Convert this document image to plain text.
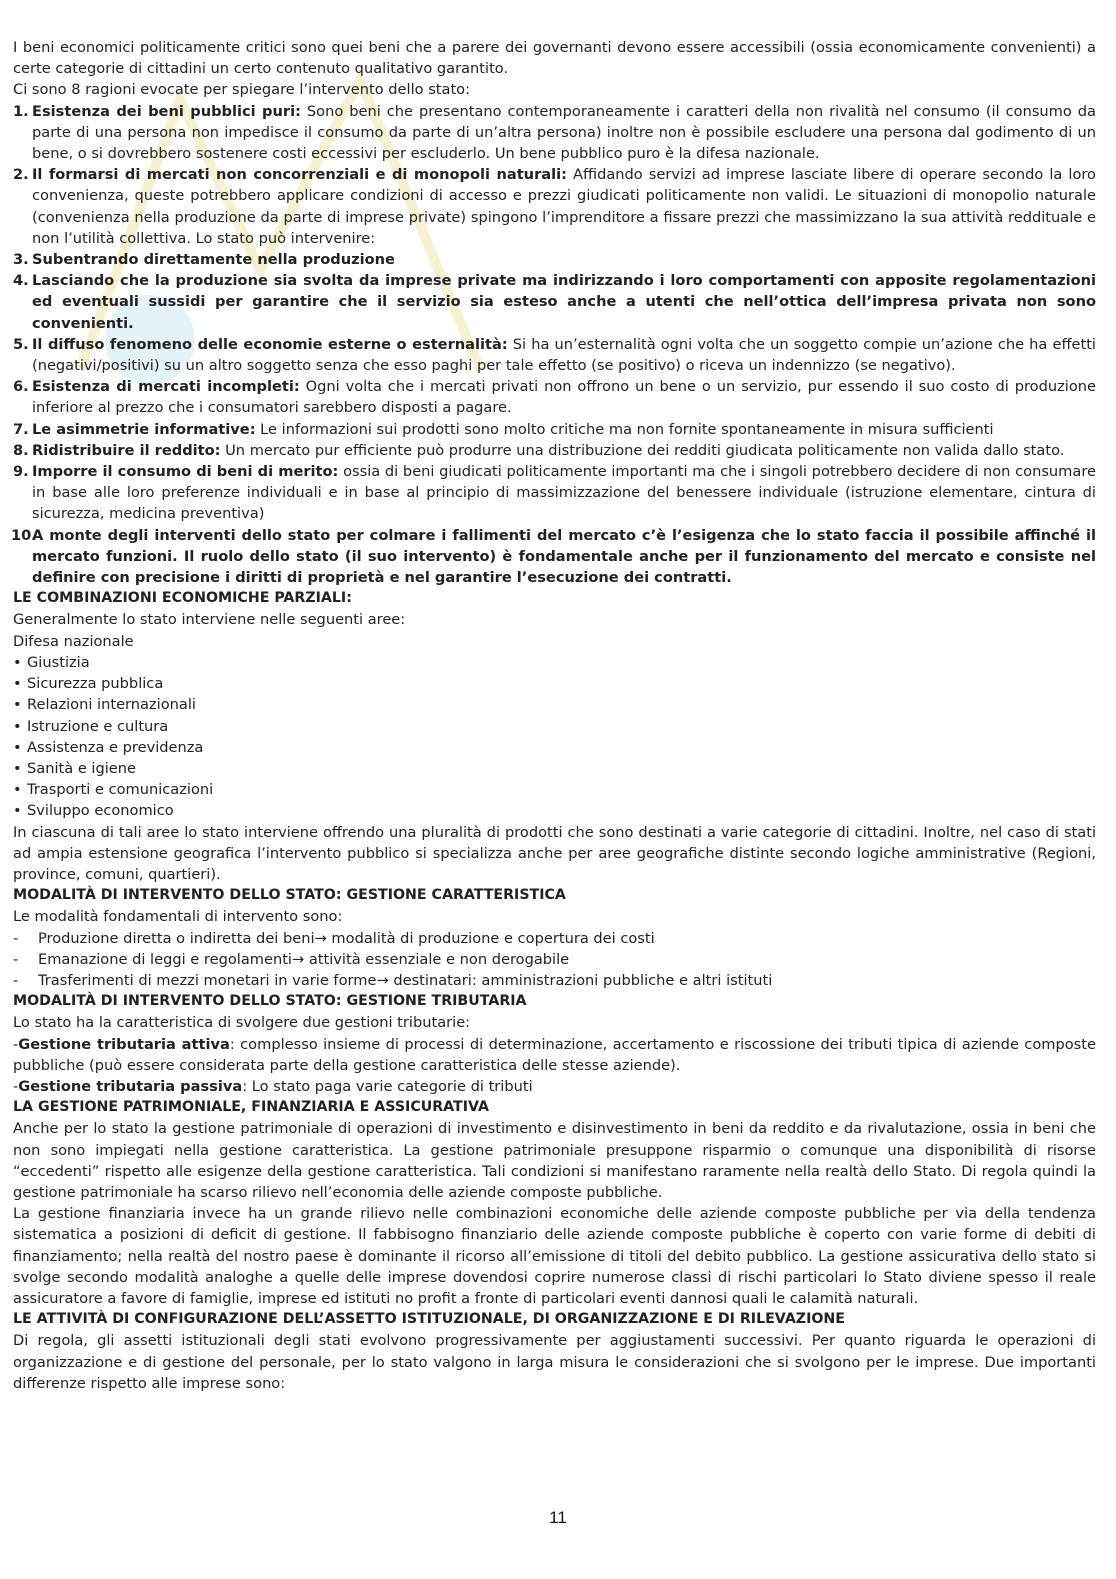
I beni economici politicamente critici sono quei beni che a parere dei governanti devono essere accessibili (ossia economicamente convenienti) a certe categorie di cittadini un certo contenuto qualitativo garantito.

Ci sono 8 ragioni evocate per spiegare l’intervento dello stato:

1. Esistenza dei beni pubblici puri: Sono beni che presentano contemporaneamente i caratteri della non rivalità nel consumo (il consumo da parte di una persona non impedisce il consumo da parte di un’altra persona) inoltre non è possibile escludere una persona dal godimento di un bene, o si dovrebbero sostenere costi eccessivi per escluderlo. Un bene pubblico puro è la difesa nazionale.
2. Il formarsi di mercati non concorrenziali e di monopoli naturali: Affidando servizi ad imprese lasciate libere di operare secondo la loro convenienza, queste potrebbero applicare condizioni di accesso e prezzi giudicati politicamente non validi. Le situazioni di monopolio naturale (convenienza nella produzione da parte di imprese private) spingono l’imprenditore a fissare prezzi che massimizzano la sua attività reddituale e non l’utilità collettiva. Lo stato può intervenire:
3. Subentrando direttamente nella produzione
4. Lasciando che la produzione sia svolta da imprese private ma indirizzando i loro comportamenti con apposite regolamentazioni ed eventuali sussidi per garantire che il servizio sia esteso anche a utenti che nell’ottica dell’impresa privata non sono convenienti.
5. Il diffuso fenomeno delle economie esterne o esternalità: Si ha un’esternalità ogni volta che un soggetto compie un’azione che ha effetti (negativi/positivi) su un altro soggetto senza che esso paghi per tale effetto (se positivo) o riceva un indennizzo (se negativo).
6. Esistenza di mercati incompleti: Ogni volta che i mercati privati non offrono un bene o un servizio, pur essendo il suo costo di produzione inferiore al prezzo che i consumatori sarebbero disposti a pagare.
7. Le asimmetrie informative: Le informazioni sui prodotti sono molto critiche ma non fornite spontaneamente in misura sufficienti
8. Ridistribuire il reddito: Un mercato pur efficiente può produrre una distribuzione dei redditi giudicata politicamente non valida dallo stato.
9. Imporre il consumo di beni di merito: ossia di beni giudicati politicamente importanti ma che i singoli potrebbero decidere di non consumare in base alle loro preferenze individuali e in base al principio di massimizzazione del benessere individuale (istruzione elementare, cintura di sicurezza, medicina preventiva)
10.
A monte degli interventi dello stato per colmare i fallimenti del mercato c’è l’esigenza che lo stato faccia il possibile affinché il mercato funzioni. Il ruolo dello stato (il suo intervento) è fondamentale anche per il funzionamento del mercato e consiste nel definire con precisione i diritti di proprietà e nel garantire l’esecuzione dei contratti.

LE COMBINAZIONI ECONOMICHE PARZIALI:

Generalmente lo stato interviene nelle seguenti aree:

Difesa nazionale

• Giustizia
• Sicurezza pubblica
• Relazioni internazionali
• Istruzione e cultura
• Assistenza e previdenza
• Sanità e igiene
• Trasporti e comunicazioni
• Sviluppo economico

In ciascuna di tali aree lo stato interviene offrendo una pluralità di prodotti che sono destinati a varie categorie di cittadini. Inoltre, nel caso di stati ad ampia estensione geografica l’intervento pubblico si specializza anche per aree geografiche distinte secondo logiche amministrative (Regioni, province, comuni, quartieri).

MODALITÀ DI INTERVENTO DELLO STATO: GESTIONE CARATTERISTICA

Le modalità fondamentali di intervento sono:

- Produzione diretta o indiretta dei beni→ modalità di produzione e copertura dei costi
- Emanazione di leggi e regolamenti→ attività essenziale e non derogabile
- Trasferimenti di mezzi monetari in varie forme→ destinatari: amministrazioni pubbliche e altri istituti

MODALITÀ DI INTERVENTO DELLO STATO: GESTIONE TRIBUTARIA

Lo stato ha la caratteristica di svolgere due gestioni tributarie:

-Gestione tributaria attiva: complesso insieme di processi di determinazione, accertamento e riscossione dei tributi tipica di aziende composte pubbliche (può essere considerata parte della gestione caratteristica delle stesse aziende).

-Gestione tributaria passiva: Lo stato paga varie categorie di tributi

LA GESTIONE PATRIMONIALE, FINANZIARIA E ASSICURATIVA

Anche per lo stato la gestione patrimoniale di operazioni di investimento e disinvestimento in beni da reddito e da rivalutazione, ossia in beni che non sono impiegati nella gestione caratteristica. La gestione patrimoniale presuppone risparmio o comunque una disponibilità di risorse “eccedenti” rispetto alle esigenze della gestione caratteristica. Tali condizioni si manifestano raramente nella realtà dello Stato. Di regola quindi la gestione patrimoniale ha scarso rilievo nell’economia delle aziende composte pubbliche.

La gestione finanziaria invece ha un grande rilievo nelle combinazioni economiche delle aziende composte pubbliche per via della tendenza sistematica a posizioni di deficit di gestione. Il fabbisogno finanziario delle aziende composte pubbliche è coperto con varie forme di debiti di finanziamento; nella realtà del nostro paese è dominante il ricorso all’emissione di titoli del debito pubblico. La gestione assicurativa dello stato si svolge secondo modalità analoghe a quelle delle imprese dovendosi coprire numerose classi di rischi particolari lo Stato diviene spesso il reale assicuratore a favore di famiglie, imprese ed istituti no profit a fronte di particolari eventi dannosi quali le calamità naturali.

LE ATTIVITÀ DI CONFIGURAZIONE DELL’ASSETTO ISTITUZIONALE, DI ORGANIZZAZIONE E DI RILEVAZIONE

Di regola, gli assetti istituzionali degli stati evolvono progressivamente per aggiustamenti successivi. Per quanto riguarda le operazioni di organizzazione e di gestione del personale, per lo stato valgono in larga misura le considerazioni che si svolgono per le imprese. Due importanti differenze rispetto alle imprese sono:

11
